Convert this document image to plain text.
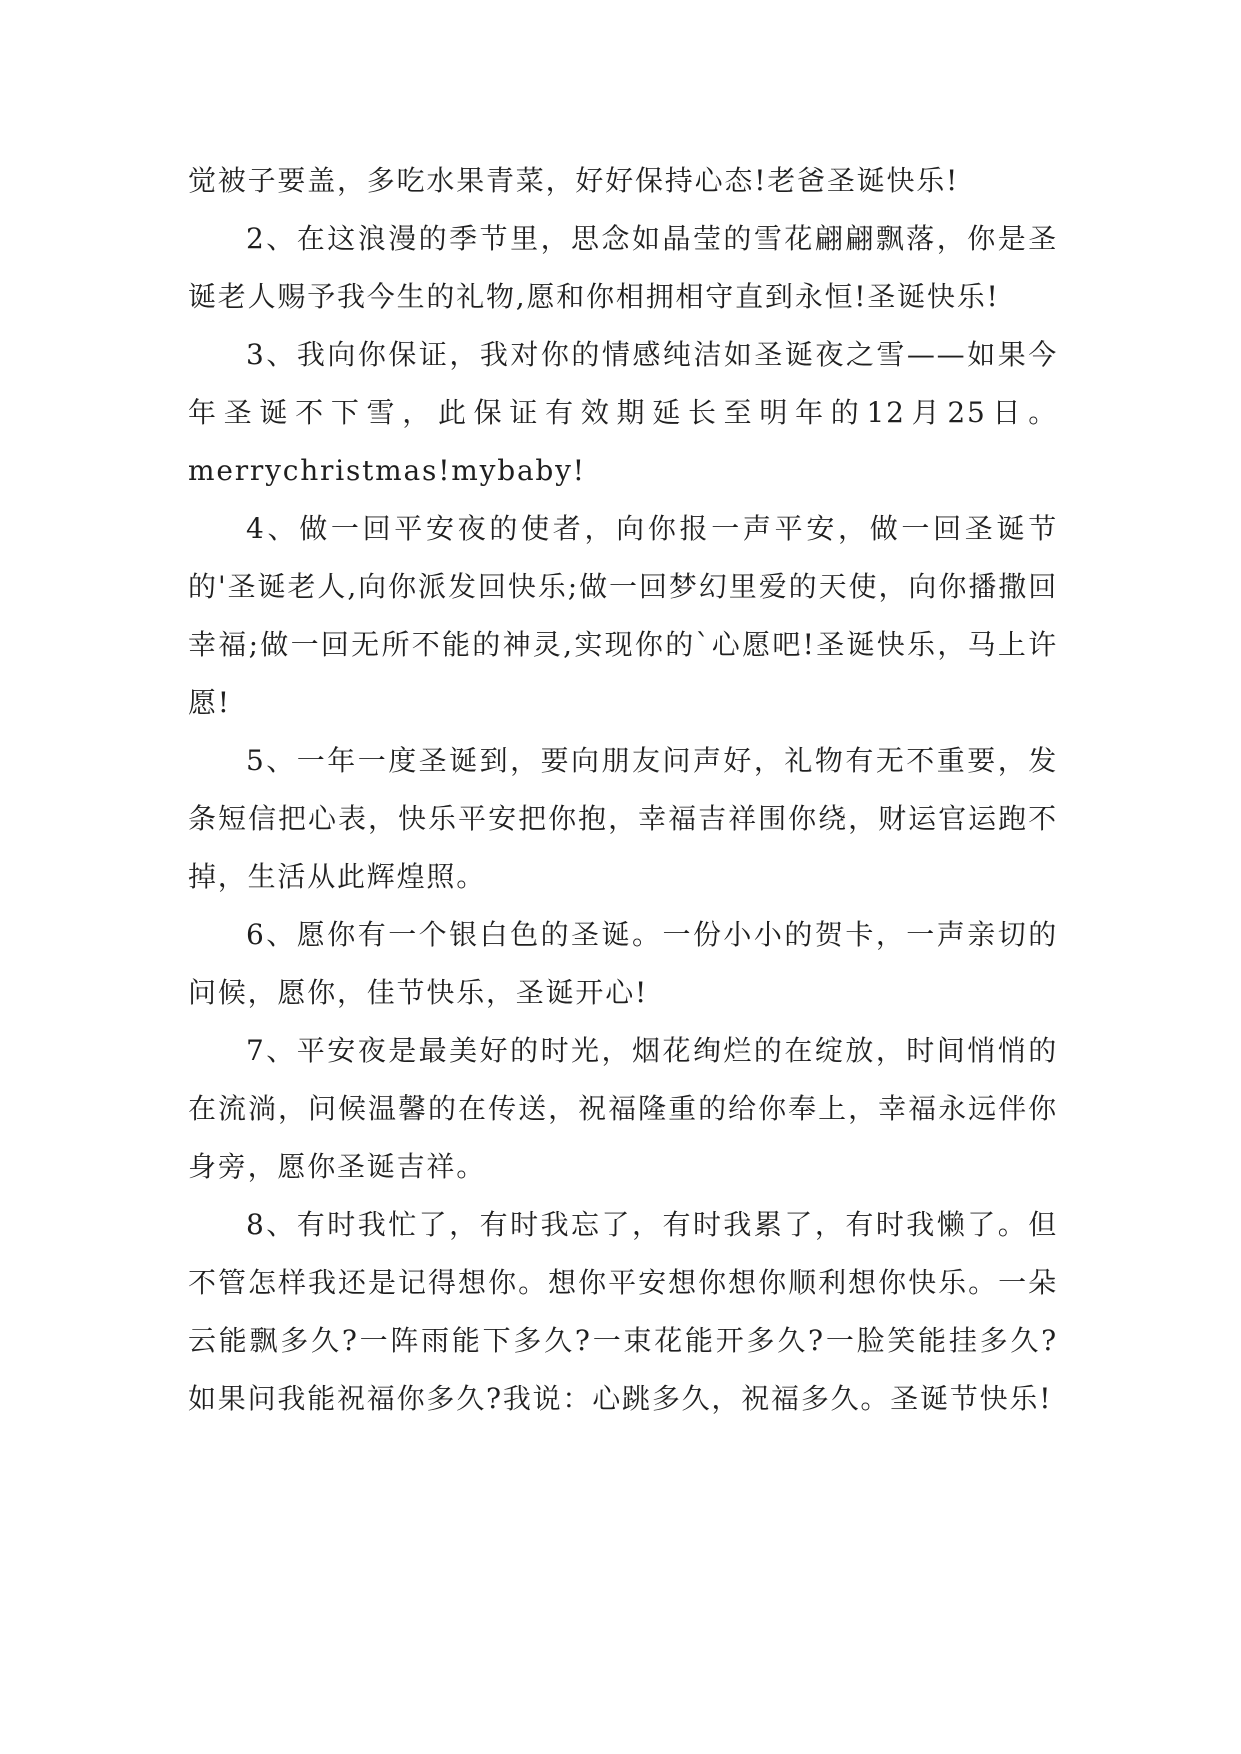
觉被子要盖，多吃水果青菜，好好保持心态!老爸圣诞快乐!

2、在这浪漫的季节里，思念如晶莹的雪花翩翩飘落，你是圣诞老人赐予我今生的礼物,愿和你相拥相守直到永恒!圣诞快乐!

3、我向你保证，我对你的情感纯洁如圣诞夜之雪——如果今年圣诞不下雪，此保证有效期延长至明年的12月25日。merrychristmas!mybaby!

4、做一回平安夜的使者，向你报一声平安，做一回圣诞节的'圣诞老人,向你派发回快乐;做一回梦幻里爱的天使，向你播撒回幸福;做一回无所不能的神灵,实现你的`心愿吧!圣诞快乐，马上许愿!

5、一年一度圣诞到，要向朋友问声好，礼物有无不重要，发条短信把心表，快乐平安把你抱，幸福吉祥围你绕，财运官运跑不掉，生活从此辉煌照。

6、愿你有一个银白色的圣诞。一份小小的贺卡，一声亲切的问候，愿你，佳节快乐，圣诞开心!

7、平安夜是最美好的时光，烟花绚烂的在绽放，时间悄悄的在流淌，问候温馨的在传送，祝福隆重的给你奉上，幸福永远伴你身旁，愿你圣诞吉祥。

8、有时我忙了，有时我忘了，有时我累了，有时我懒了。但不管怎样我还是记得想你。想你平安想你想你顺利想你快乐。一朵云能飘多久?一阵雨能下多久?一束花能开多久?一脸笑能挂多久?如果问我能祝福你多久?我说：心跳多久，祝福多久。圣诞节快乐!
